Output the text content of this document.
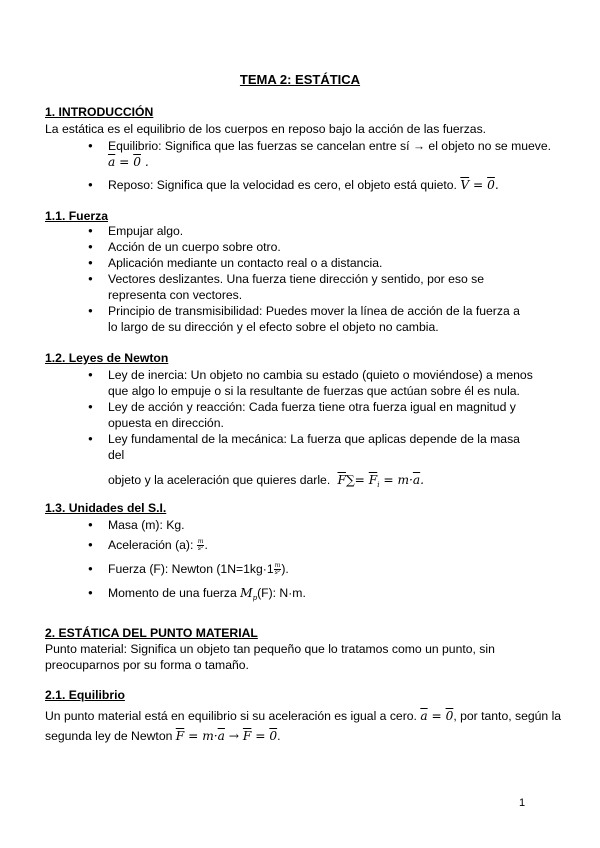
TEMA 2: ESTÁTICA
1. INTRODUCCIÓN
La estática es el equilibrio de los cuerpos en reposo bajo la acción de las fuerzas.
● Equilibrio: Significa que las fuerzas se cancelan entre sí → el objeto no se mueve.
$\overline{a} = 0$ .
● Reposo: Significa que la velocidad es cero, el objeto está quieto. $\overline{V} = 0$.
1.1. Fuerza
● Empujar algo.
● Acción de un cuerpo sobre otro.
● Aplicación mediante un contacto real o a distancia.
● Vectores deslizantes. Una fuerza tiene dirección y sentido, por eso se representa con vectores.
● Principio de transmisibilidad: Puedes mover la línea de acción de la fuerza a lo largo de su dirección y el efecto sobre el objeto no cambia.
1.2. Leyes de Newton
● Ley de inercia: Un objeto no cambia su estado (quieto o moviéndose) a menos que algo lo empuje o si la resultante de fuerzas que actúan sobre él es nula.
● Ley de acción y reacción: Cada fuerza tiene otra fuerza igual en magnitud y opuesta en dirección.
● Ley fundamental de la mecánica: La fuerza que aplicas depende de la masa del
objeto y la aceleración que quieres darle. $\overline{F}\sum= \overline{F}_i = m\cdot\overline{a}$.
1.3. Unidades del S.I.
● Masa (m): Kg.
● Aceleración (a): $\frac{m}{\text{s²}}$ .
● Fuerza (F): Newton ($1N=1kg\cdot 1 \frac{m}{\text{s²}}$ ).
● Momento de una fuerza $M_p(F)$: N·m.
2. ESTÁTICA DEL PUNTO MATERIAL
Punto material: Significa un objeto tan pequeño que lo tratamos como un punto, sin preocuparnos por su forma o tamaño.
2.1. Equilibrio
Un punto material está en equilibrio si su aceleración es igual a cero. $\overline{a} = 0$, por tanto, según la
segunda ley de Newton $\overline{F} = m\cdot\overline{a} \to \overline{F} = 0$.
1
